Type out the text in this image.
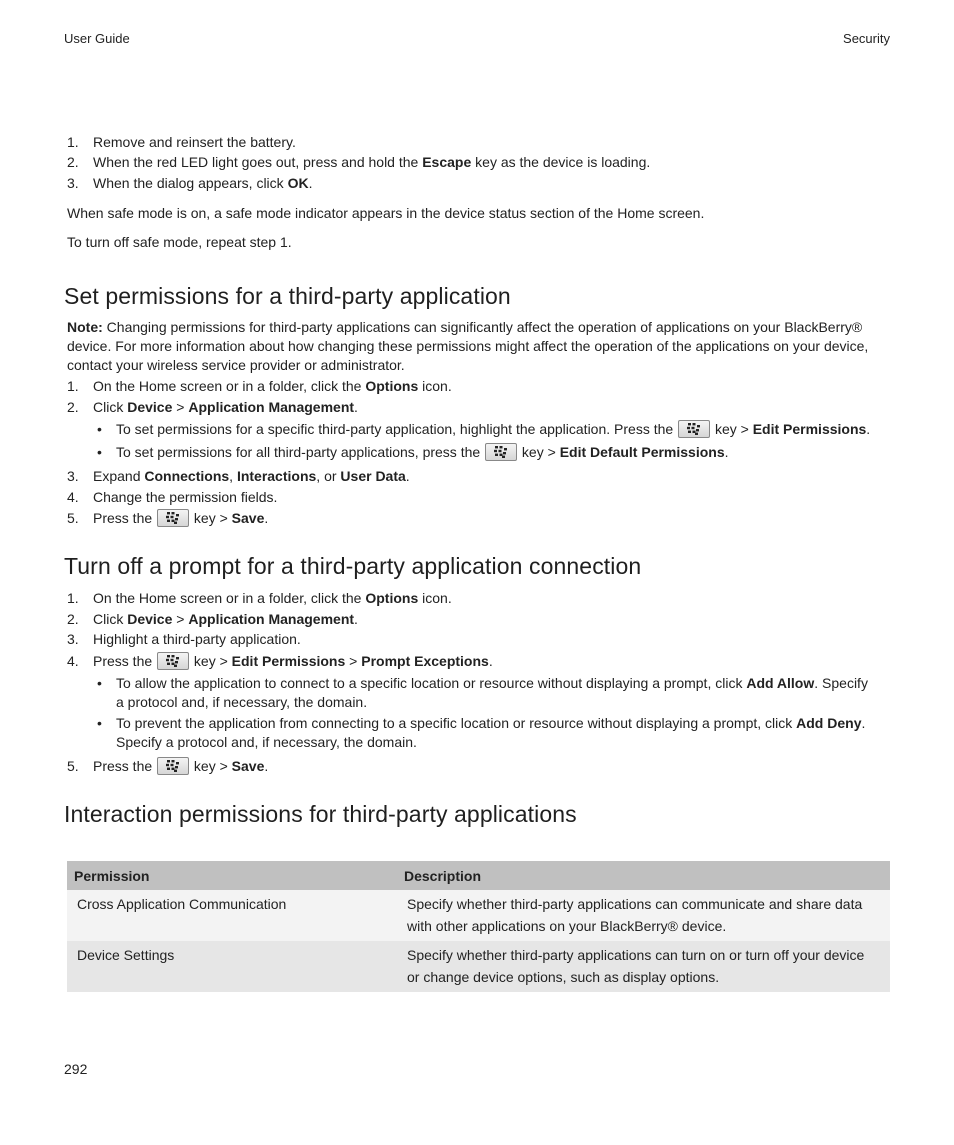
User Guide	Security
1. Remove and reinsert the battery.
2. When the red LED light goes out, press and hold the Escape key as the device is loading.
3. When the dialog appears, click OK.
When safe mode is on, a safe mode indicator appears in the device status section of the Home screen.
To turn off safe mode, repeat step 1.
Set permissions for a third-party application
Note: Changing permissions for third-party applications can significantly affect the operation of applications on your BlackBerry® device. For more information about how changing these permissions might affect the operation of the applications on your device, contact your wireless service provider or administrator.
1. On the Home screen or in a folder, click the Options icon.
2. Click Device > Application Management.
• To set permissions for a specific third-party application, highlight the application. Press the
key > Edit Permissions.
• To set permissions for all third-party applications, press the
key > Edit Default Permissions.
3. Expand Connections, Interactions, or User Data.
4. Change the permission fields.
5. Press the
key > Save.
Turn off a prompt for a third-party application connection
1. On the Home screen or in a folder, click the Options icon.
2. Click Device > Application Management.
3. Highlight a third-party application.
4. Press the
key > Edit Permissions > Prompt Exceptions.
• To allow the application to connect to a specific location or resource without displaying a prompt, click Add Allow. Specify a protocol and, if necessary, the domain.
• To prevent the application from connecting to a specific location or resource without displaying a prompt, click Add Deny. Specify a protocol and, if necessary, the domain.
5. Press the
key > Save.
Interaction permissions for third-party applications
Permission	Description
Cross Application Communication	Specify whether third-party applications can communicate and share data with other applications on your BlackBerry® device.
Device Settings	Specify whether third-party applications can turn on or turn off your device or change device options, such as display options.
292
